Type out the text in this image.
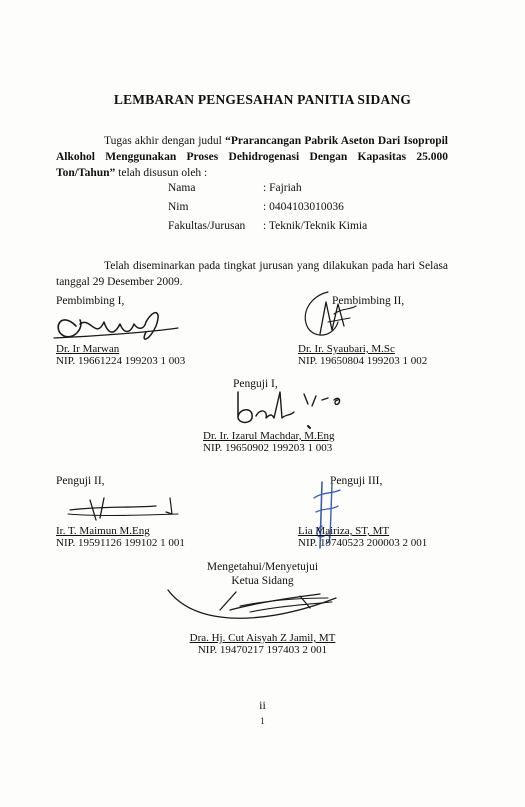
LEMBARAN PENGESAHAN PANITIA SIDANG
Tugas akhir dengan judul “Prarancangan Pabrik Aseton Dari Isopropil Alkohol Menggunakan Proses Dehidrogenasi Dengan Kapasitas 25.000 Ton/Tahun” telah disusun oleh :
Nama	: Fajriah
Nim	: 0404103010036
Fakultas/Jurusan : Teknik/Teknik Kimia
Telah diseminarkan pada tingkat jurusan yang dilakukan pada hari Selasa tanggal 29 Desember 2009.
Pembimbing I,
Dr. Ir Marwan
NIP. 19661224 199203 1 003
Pembimbing II,
Dr. Ir. Syaubari, M.Sc
NIP. 19650804 199203 1 002
Penguji I,
Dr. Ir. Izarul Machdar, M.Eng
NIP. 19650902 199203 1 003
Penguji II,
Ir. T. Maimun M.Eng
NIP. 19591126 199102 1 001
Penguji III,
Lia Mairiza, ST, MT
NIP. 19740523 200003 2 001
Mengetahui/Menyetujui
Ketua Sidang
Dra. Hj. Cut Aisyah Z Jamil, MT
NIP. 19470217 197403 2 001
ii
1
